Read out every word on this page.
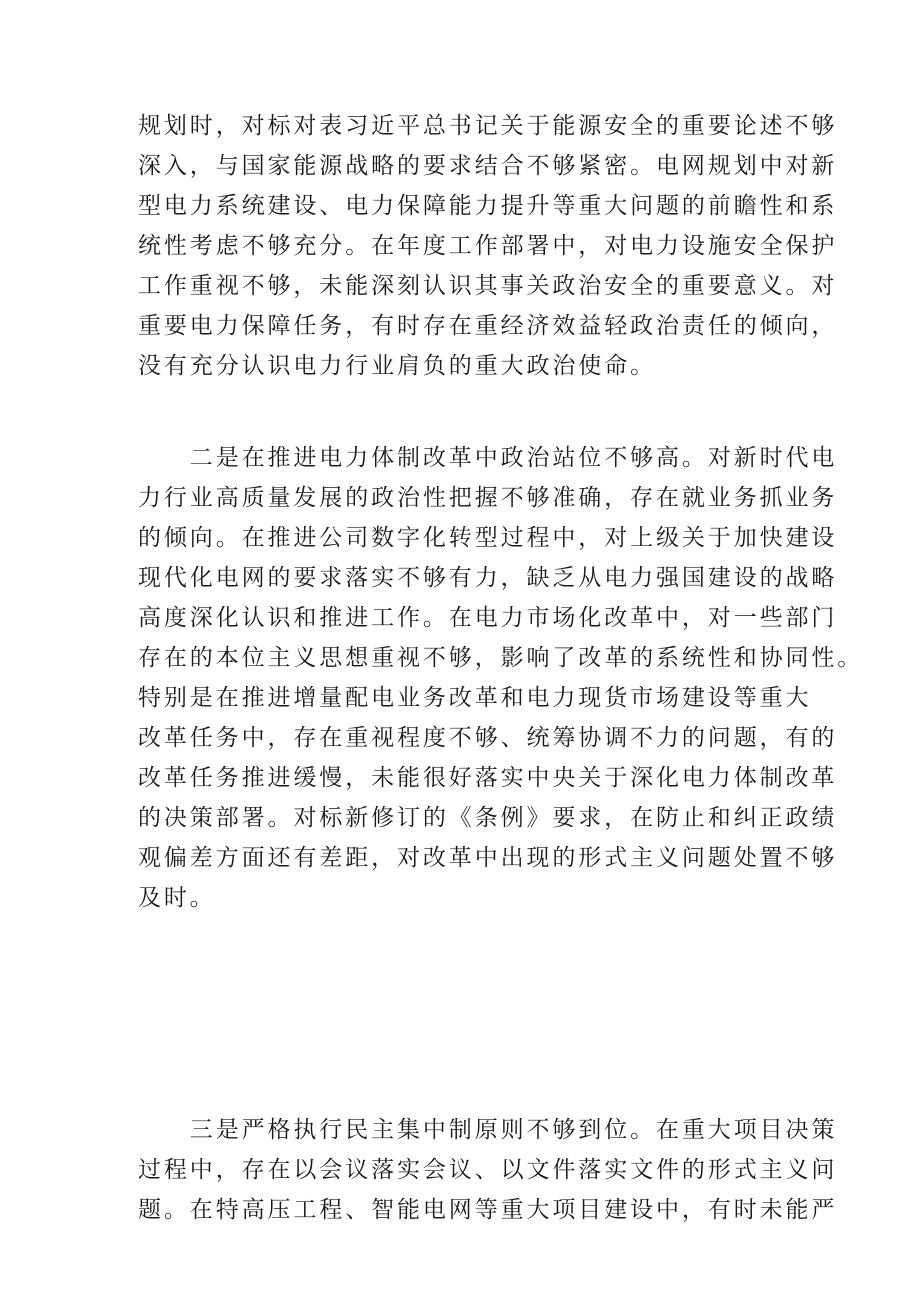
规划时，对标对表习近平总书记关于能源安全的重要论述不够
深入，与国家能源战略的要求结合不够紧密。电网规划中对新
型电力系统建设、电力保障能力提升等重大问题的前瞻性和系
统性考虑不够充分。在年度工作部署中，对电力设施安全保护
工作重视不够，未能深刻认识其事关政治安全的重要意义。对
重要电力保障任务，有时存在重经济效益轻政治责任的倾向，
没有充分认识电力行业肩负的重大政治使命。
　　二是在推进电力体制改革中政治站位不够高。对新时代电
力行业高质量发展的政治性把握不够准确，存在就业务抓业务
的倾向。在推进公司数字化转型过程中，对上级关于加快建设
现代化电网的要求落实不够有力，缺乏从电力强国建设的战略
高度深化认识和推进工作。在电力市场化改革中，对一些部门
存在的本位主义思想重视不够，影响了改革的系统性和协同性。
特别是在推进增量配电业务改革和电力现货市场建设等重大
改革任务中，存在重视程度不够、统筹协调不力的问题，有的
改革任务推进缓慢，未能很好落实中央关于深化电力体制改革
的决策部署。对标新修订的《条例》要求，在防止和纠正政绩
观偏差方面还有差距，对改革中出现的形式主义问题处置不够
及时。
　　三是严格执行民主集中制原则不够到位。在重大项目决策
过程中，存在以会议落实会议、以文件落实文件的形式主义问
题。在特高压工程、智能电网等重大项目建设中，有时未能严
